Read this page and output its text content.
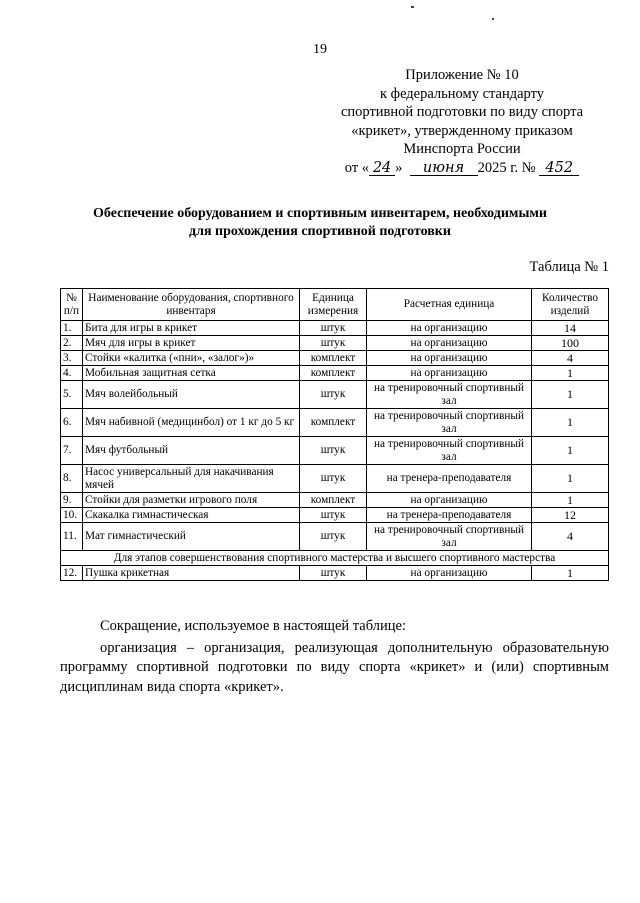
19
Приложение № 10
к федеральному стандарту
спортивной подготовки по виду спорта
«крикет», утвержденному приказом
Минспорта России
от « 24 » июня 2025 г. № 452
Обеспечение оборудованием и спортивным инвентарем, необходимыми
для прохождения спортивной подготовки
Таблица № 1
№ п/п	Наименование оборудования, спортивного инвентаря	Единица измерения	Расчетная единица	Количество изделий
1.	Бита для игры в крикет	штук	на организацию	14
2.	Мяч для игры в крикет	штук	на организацию	100
3.	Стойки «калитка («пни», «залог»)»	комплект	на организацию	4
4.	Мобильная защитная сетка	комплект	на организацию	1
5.	Мяч волейбольный	штук	на тренировочный спортивный зал	1
6.	Мяч набивной (медицинбол) от 1 кг до 5 кг	комплект	на тренировочный спортивный зал	1
7.	Мяч футбольный	штук	на тренировочный спортивный зал	1
8.	Насос универсальный для накачивания мячей	штук	на тренера-преподавателя	1
9.	Стойки для разметки игрового поля	комплект	на организацию	1
10.	Скакалка гимнастическая	штук	на тренера-преподавателя	12
11.	Мат гимнастический	штук	на тренировочный спортивный зал	4
Для этапов совершенствования спортивного мастерства и высшего спортивного мастерства				
12.	Пушка крикетная	штук	на организацию	1

Сокращение, используемое в настоящей таблице:

организация – организация, реализующая дополнительную образовательную программу спортивной подготовки по виду спорта «крикет» и (или) спортивным дисциплинам вида спорта «крикет».
